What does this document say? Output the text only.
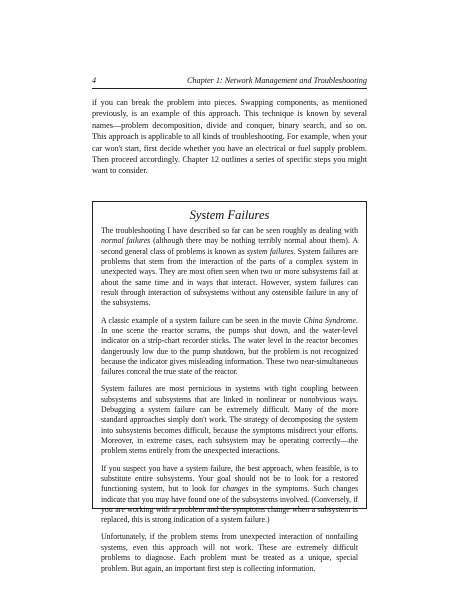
4	Chapter 1: Network Management and Troubleshooting
if you can break the problem into pieces. Swapping components, as mentioned previously, is an example of this approach. This technique is known by several names—problem decomposition, divide and conquer, binary search, and so on. This approach is applicable to all kinds of troubleshooting. For example, when your car won't start, first decide whether you have an electrical or fuel supply problem. Then proceed accordingly. Chapter 12 outlines a series of specific steps you might want to consider.
System Failures

The troubleshooting I have described so far can be seen roughly as dealing with normal failures (although there may be nothing terribly normal about them). A second general class of problems is known as system failures. System failures are problems that stem from the interaction of the parts of a complex system in unexpected ways. They are most often seen when two or more subsystems fail at about the same time and in ways that interact. However, system failures can result through interaction of subsystems without any ostensible failure in any of the subsystems.

A classic example of a system failure can be seen in the movie China Syndrome. In one scene the reactor scrams, the pumps shut down, and the water-level indicator on a strip-chart recorder sticks. The water level in the reactor becomes dangerously low due to the pump shutdown, but the problem is not recognized because the indicator gives misleading information. These two near-simultaneous failures conceal the true state of the reactor.

System failures are most pernicious in systems with tight coupling between subsystems and subsystems that are linked in nonlinear or nonobvious ways. Debugging a system failure can be extremely difficult. Many of the more standard approaches simply don't work. The strategy of decomposing the system into subsystems becomes difficult, because the symptoms misdirect your efforts. Moreover, in extreme cases, each subsystem may be operating correctly—the problem stems entirely from the unexpected interactions.

If you suspect you have a system failure, the best approach, when feasible, is to substitute entire subsystems. Your goal should not be to look for a restored functioning system, but to look for changes in the symptoms. Such changes indicate that you may have found one of the subsystems involved. (Conversely, if you are working with a problem and the symptoms change when a subsystem is replaced, this is strong indication of a system failure.)

Unfortunately, if the problem stems from unexpected interaction of nonfailing systems, even this approach will not work. These are extremely difficult problems to diagnose. Each problem must be treated as a unique, special problem. But again, an important first step is collecting information.
